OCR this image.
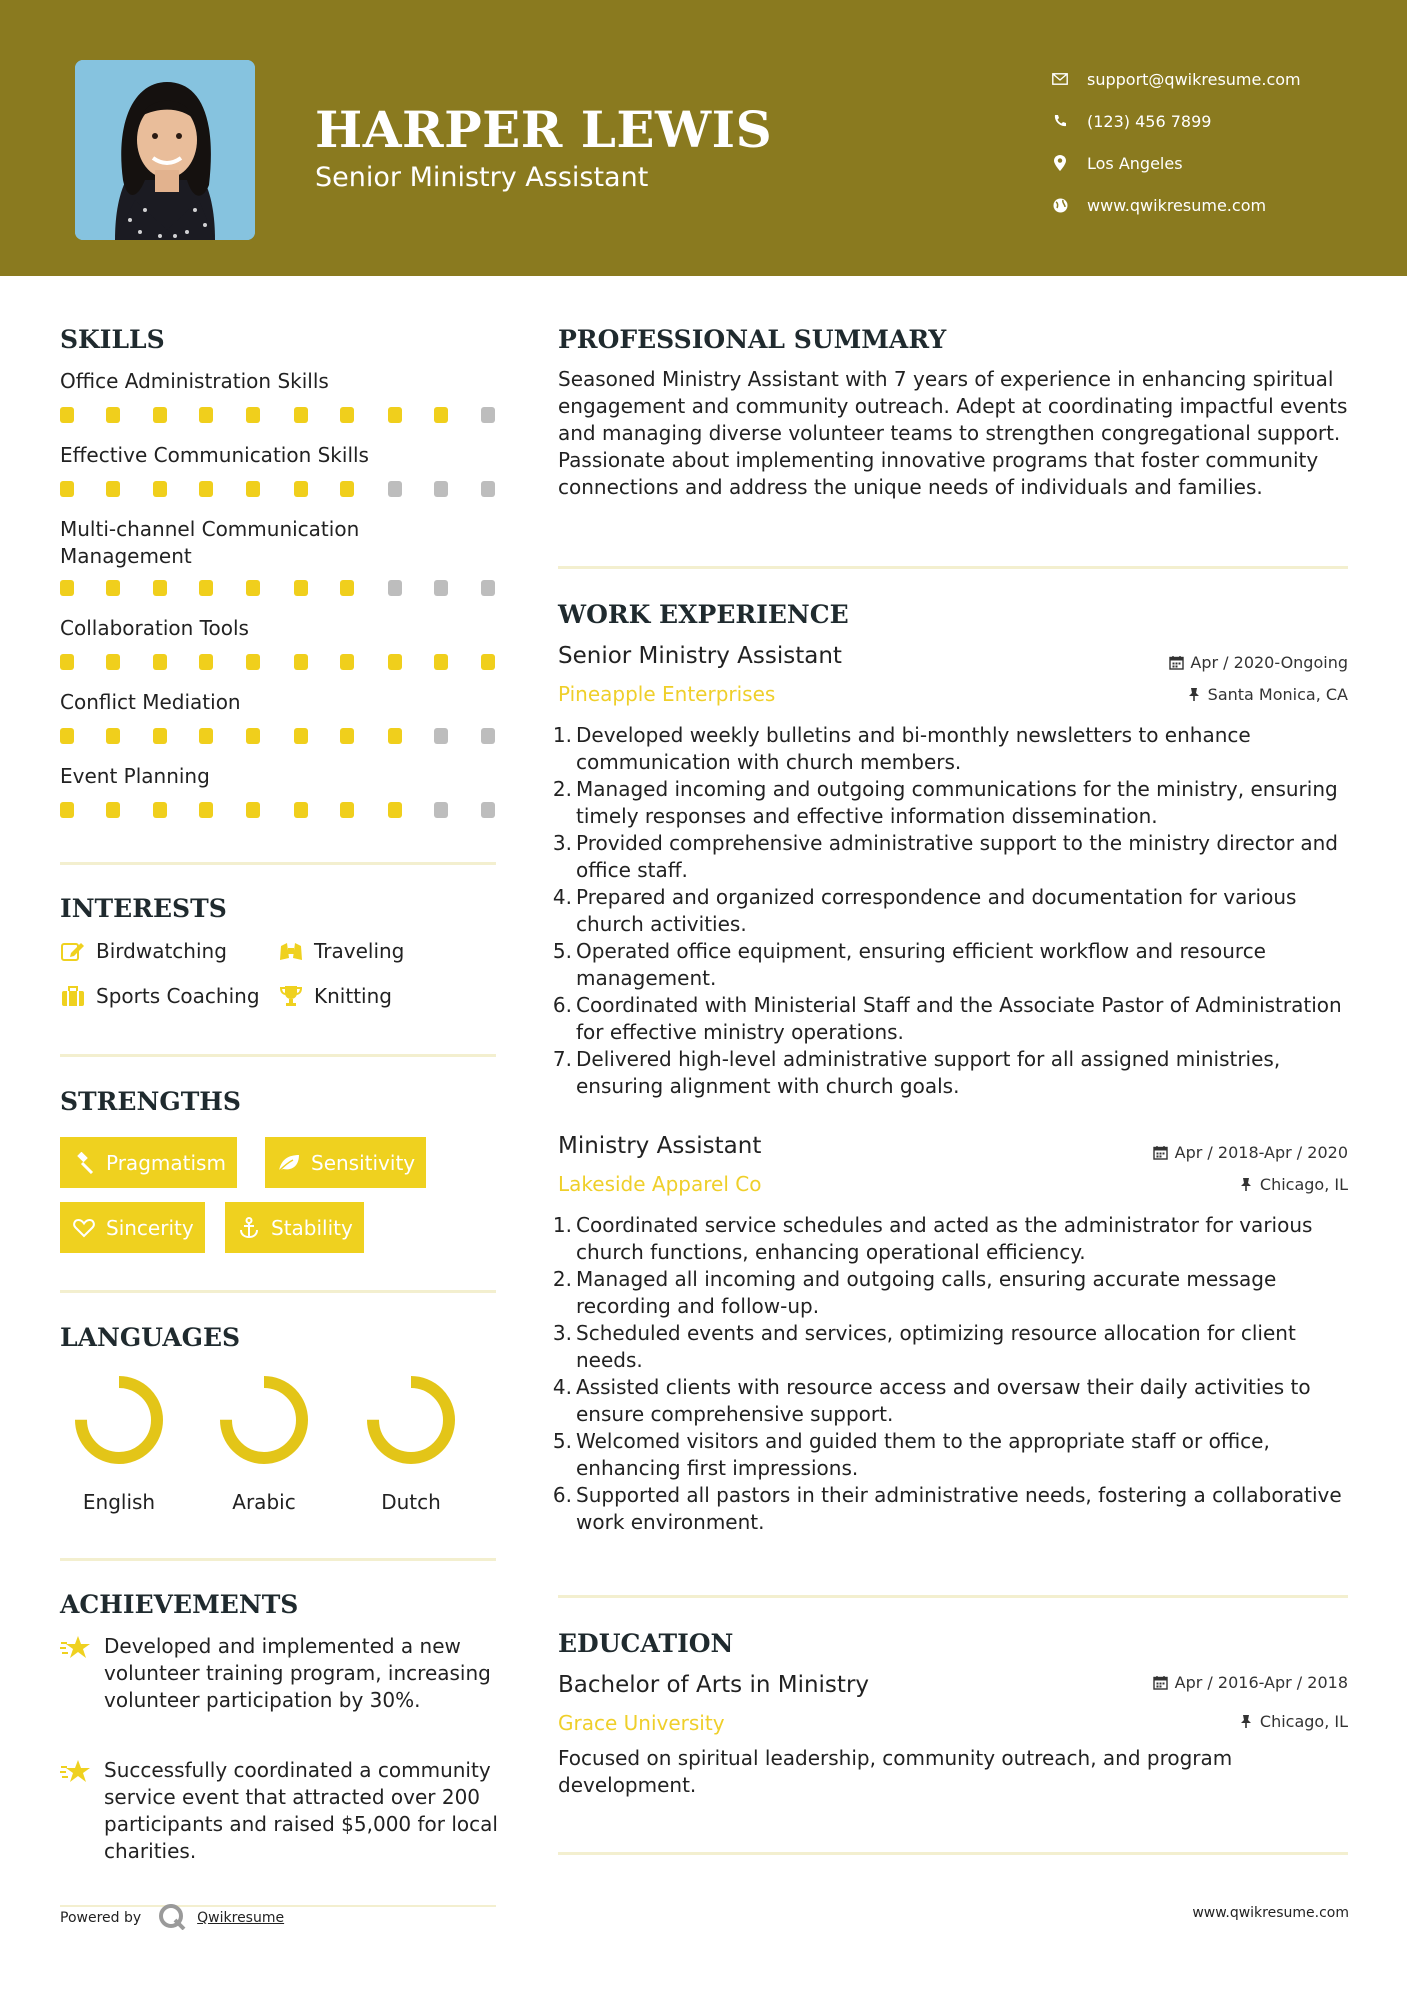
HARPER LEWIS
Senior Ministry Assistant
support@qwikresume.com
(123) 456 7899
Los Angeles
www.qwikresume.com
SKILLS
Office Administration Skills
Effective Communication Skills
Multi-channel Communication Management
Collaboration Tools
Conflict Mediation
Event Planning
INTERESTS
Birdwatching	Traveling
Sports Coaching	Knitting
STRENGTHS
Pragmatism	Sensitivity
Sincerity	Stability
LANGUAGES
English	Arabic	Dutch
ACHIEVEMENTS
Developed and implemented a new volunteer training program, increasing volunteer participation by 30%.
Successfully coordinated a community service event that attracted over 200 participants and raised $5,000 for local charities.
PROFESSIONAL SUMMARY
Seasoned Ministry Assistant with 7 years of experience in enhancing spiritual engagement and community outreach. Adept at coordinating impactful events and managing diverse volunteer teams to strengthen congregational support. Passionate about implementing innovative programs that foster community connections and address the unique needs of individuals and families.
WORK EXPERIENCE
Senior Ministry Assistant	Apr / 2020-Ongoing
Pineapple Enterprises	Santa Monica, CA
1. Developed weekly bulletins and bi-monthly newsletters to enhance communication with church members.
2. Managed incoming and outgoing communications for the ministry, ensuring timely responses and effective information dissemination.
3. Provided comprehensive administrative support to the ministry director and office staff.
4. Prepared and organized correspondence and documentation for various church activities.
5. Operated office equipment, ensuring efficient workflow and resource management.
6. Coordinated with Ministerial Staff and the Associate Pastor of Administration for effective ministry operations.
7. Delivered high-level administrative support for all assigned ministries, ensuring alignment with church goals.
Ministry Assistant	Apr / 2018-Apr / 2020
Lakeside Apparel Co	Chicago, IL
1. Coordinated service schedules and acted as the administrator for various church functions, enhancing operational efficiency.
2. Managed all incoming and outgoing calls, ensuring accurate message recording and follow-up.
3. Scheduled events and services, optimizing resource allocation for client needs.
4. Assisted clients with resource access and oversaw their daily activities to ensure comprehensive support.
5. Welcomed visitors and guided them to the appropriate staff or office, enhancing first impressions.
6. Supported all pastors in their administrative needs, fostering a collaborative work environment.
EDUCATION
Bachelor of Arts in Ministry	Apr / 2016-Apr / 2018
Grace University	Chicago, IL
Focused on spiritual leadership, community outreach, and program development.
Powered by	Qwikresume	www.qwikresume.com
